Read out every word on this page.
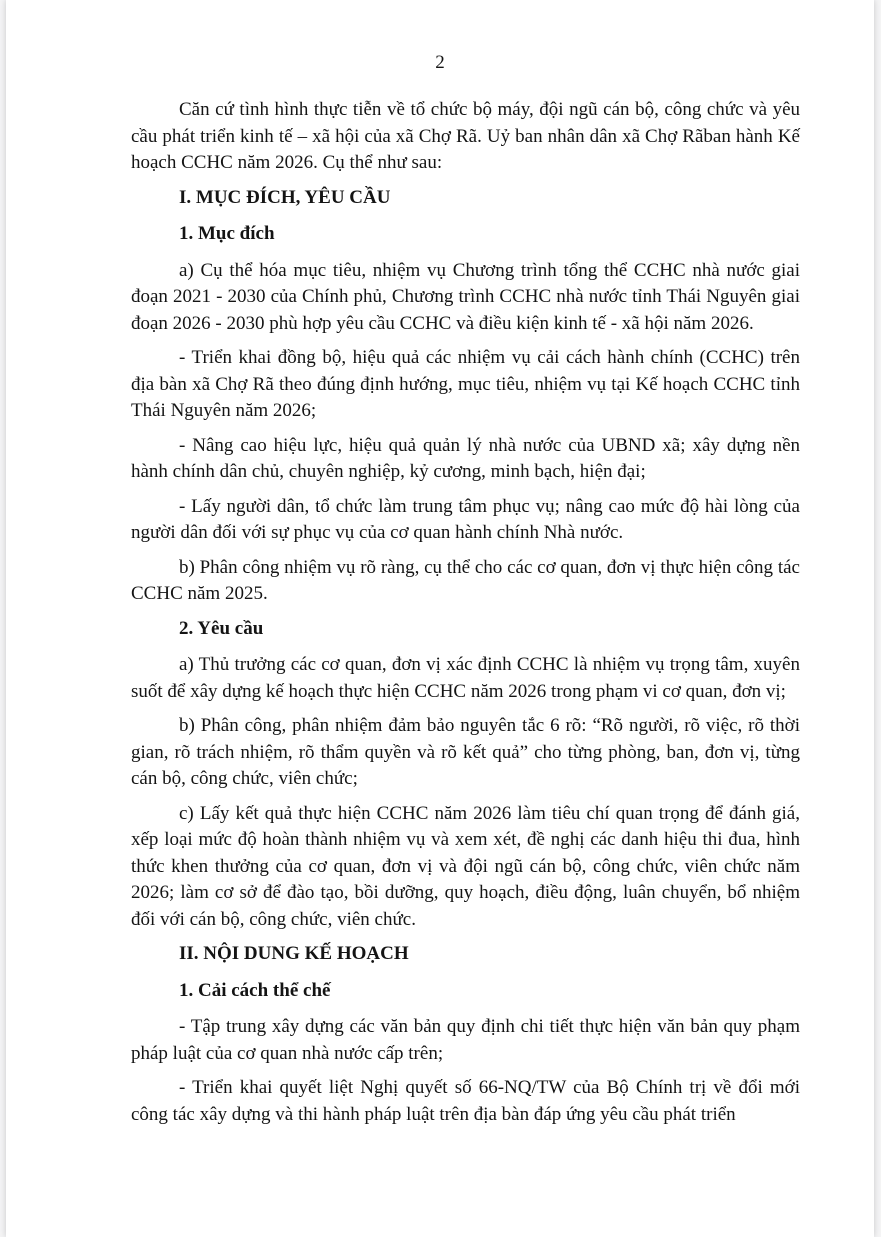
2

Căn cứ tình hình thực tiễn về tổ chức bộ máy, đội ngũ cán bộ, công chức và yêu cầu phát triển kinh tế – xã hội của xã Chợ Rã. Uỷ ban nhân dân xã Chợ Rãban hành Kế hoạch CCHC năm 2026. Cụ thể như sau:

I. MỤC ĐÍCH, YÊU CẦU

1. Mục đích

a) Cụ thể hóa mục tiêu, nhiệm vụ Chương trình tổng thể CCHC nhà nước giai đoạn 2021 - 2030 của Chính phủ, Chương trình CCHC nhà nước tỉnh Thái Nguyên giai đoạn 2026 - 2030 phù hợp yêu cầu CCHC và điều kiện kinh tế - xã hội năm 2026.

- Triển khai đồng bộ, hiệu quả các nhiệm vụ cải cách hành chính (CCHC) trên địa bàn xã Chợ Rã theo đúng định hướng, mục tiêu, nhiệm vụ tại Kế hoạch CCHC tỉnh Thái Nguyên năm 2026;

- Nâng cao hiệu lực, hiệu quả quản lý nhà nước của UBND xã; xây dựng nền hành chính dân chủ, chuyên nghiệp, kỷ cương, minh bạch, hiện đại;

- Lấy người dân, tổ chức làm trung tâm phục vụ; nâng cao mức độ hài lòng của người dân đối với sự phục vụ của cơ quan hành chính Nhà nước.

b) Phân công nhiệm vụ rõ ràng, cụ thể cho các cơ quan, đơn vị thực hiện công tác CCHC năm 2025.

2. Yêu cầu

a) Thủ trưởng các cơ quan, đơn vị xác định CCHC là nhiệm vụ trọng tâm, xuyên suốt để xây dựng kế hoạch thực hiện CCHC năm 2026 trong phạm vi cơ quan, đơn vị;

b) Phân công, phân nhiệm đảm bảo nguyên tắc 6 rõ: “Rõ người, rõ việc, rõ thời gian, rõ trách nhiệm, rõ thẩm quyền và rõ kết quả” cho từng phòng, ban, đơn vị, từng cán bộ, công chức, viên chức;

c) Lấy kết quả thực hiện CCHC năm 2026 làm tiêu chí quan trọng để đánh giá, xếp loại mức độ hoàn thành nhiệm vụ và xem xét, đề nghị các danh hiệu thi đua, hình thức khen thưởng của cơ quan, đơn vị và đội ngũ cán bộ, công chức, viên chức năm 2026; làm cơ sở để đào tạo, bồi dưỡng, quy hoạch, điều động, luân chuyển, bổ nhiệm đối với cán bộ, công chức, viên chức.

II. NỘI DUNG KẾ HOẠCH

1. Cải cách thể chế

- Tập trung xây dựng các văn bản quy định chi tiết thực hiện văn bản quy phạm pháp luật của cơ quan nhà nước cấp trên;

- Triển khai quyết liệt Nghị quyết số 66-NQ/TW của Bộ Chính trị về đổi mới công tác xây dựng và thi hành pháp luật trên địa bàn đáp ứng yêu cầu phát triển
